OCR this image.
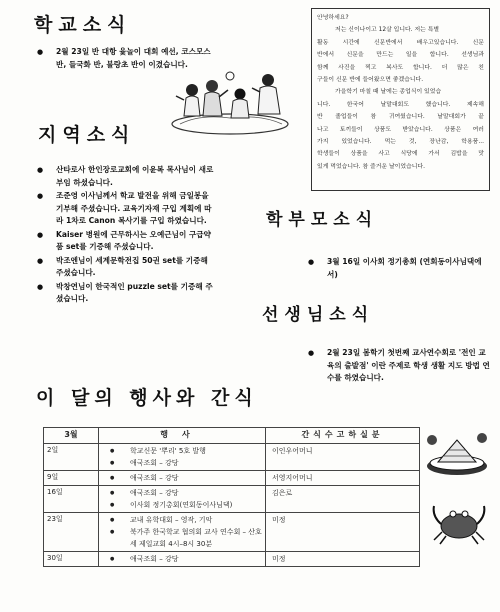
학교소식
● 2월 23일 반 대항 윷놀이 대회 예선, 코스모스 반, 들국화 반, 불랑초 반이 이겼습니다.
지역소식
● 산타로사 한인장로교회에 이윤복 목사님이 새로 부임 하셨습니다.
● 조준영 이사님께서 학교 발전을 위해 금일봉을 기부해 주셨습니다. 교육기자재 구입 계획에 따라 1차로 Canon 복사기를 구입 하였습니다.
● Kaiser 병원에 근무하시는 오예근님이 구급약품 set를 기증해 주셨습니다.
● 박조엔님이 세계문학전집 50권 set를 기증해 주셨습니다.
● 박창연님이 한국적인 puzzle set를 기증해 주셨습니다.

안녕하세요?

저는 신이나이고 12살 입니다. 저는 특별

활동 시간에 신문반에서 배우고있습니다. 신문
반에서 신문을 만드는 일을 합니다. 선생님과
함께 사진을 찍고 복사도 합니다. 더 많은 친
구들이 신문 반에 들어왔으면 좋겠습니다.

가을학기 마칠 때 날에는 종업식이 있었습

니다. 한국어 날말대회도 했습니다. 제속해
반 졸업들이 참 귀여웠습니다. 날말대회가 끝
나고 토끼들이 상품도 받았습니다. 상품은 여러
가지 있었습니다. 먹는 것, 장난감, 학용품...
학생들이 상품을 사고 식당에 가서 김밥을 맛
있게 먹었습니다. 참 즐거운 날이었습니다.
학부모소식
● 3월 16일 이사회 정기총회 (연회동이사님댁에서)
선생님소식
● 2월 23일 봄학기 첫번째 교사연수회로 '전인 교육의 출발점' 이란 주제로 학생 생활 지도 방법 연수를 하였습니다.
이 달의 행사와 간식
3월	행사	간식수고하실분
2일	● 학교신문 '뿌리' 5호 발행
● 애국조회 – 강당	이인우어머니
9일	● 애국조회 – 강당	서영지어머니
16일	● 애국조회 – 강당
● 이사회 정기총회(연회동이사님댁)	김은로
23일	● 교내 유학대회 – 영작, 기악
● 북가주 한국학교 협의회 교사 연수회 – 산호세 제일교회 4시–8시 30분	미정
30일	● 애국조회 – 강당	미정
